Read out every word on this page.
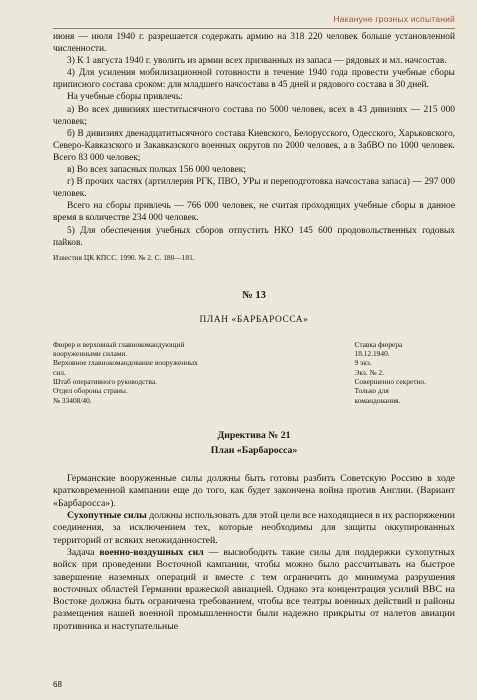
Накануне грозных испытаний

июня — июля 1940 г. разрешается содержать армию на 318 220 человек больше установленной численности.

3) К 1 августа 1940 г. уволить из армии всех призванных из запаса — рядовых и мл. начсостав.

4) Для усиления мобилизационной готовности в течение 1940 года провести учебные сборы приписного состава сроком: для младшего начсостава в 45 дней и рядового состава в 30 дней.

На учебные сборы привлечь:

а) Во всех дивизиях шеститысячного состава по 5000 человек, всех в 43 дивизиях — 215 000 человек;

б) В дивизиях двенадцатитысячного состава Киевского, Белорусского, Одесского, Харьковского, Северо-Кавказского и Закавказского военных округов по 2000 человек, а в ЗабВО по 1000 человек. Всего 83 000 человек;

в) Во всех запасных полках 156 000 человек;

г) В прочих частях (артиллерия РГК, ПВО, УРы и переподготовка начсостава запаса) — 297 000 человек.

Всего на сборы привлечь — 766 000 человек, не считая проходящих учебные сборы в данное время в количестве 234 000 человек.

5) Для обеспечения учебных сборов отпустить НКО 145 600 продовольственных годовых пайков.

Известия ЦК КПСС. 1990. № 2. С. 180—181.

№ 13

ПЛАН «БАРБАРОССА»

Фюрер и верховный главнокомандующий
вооруженными силами.
Верховное главнокомандование вооруженных
сил.
Штаб оперативного руководства.
Отдел обороны страны.
№ 33408/40.
Ставка фюрера
18.12.1940.
9 экз.
Экз. № 2.
Совершенно секретно.
Только для
командования.

Директива № 21

План «Барбаросса»

Германские вооруженные силы должны быть готовы разбить Советскую Россию в ходе кратковременной кампании еще до того, как будет закончена война против Англии. (Вариант «Барбаросса»).

Сухопутные силы должны использовать для этой цели все находящиеся в их распоряжении соединения, за исключением тех, которые необходимы для защиты оккупированных территорий от всяких неожиданностей.

Задача военно-воздушных сил — высвободить такие силы для поддержки сухопутных войск при проведении Восточной кампании, чтобы можно было рассчитывать на быстрое завершение наземных операций и вместе с тем ограничить до минимума разрушения восточных областей Германии вражеской авиацией. Однако эта концентрация усилий ВВС на Востоке должна быть ограничена требованием, чтобы все театры военных действий и районы размещения нашей военной промышленности были надежно прикрыты от налетов авиации противника и наступательные

68
